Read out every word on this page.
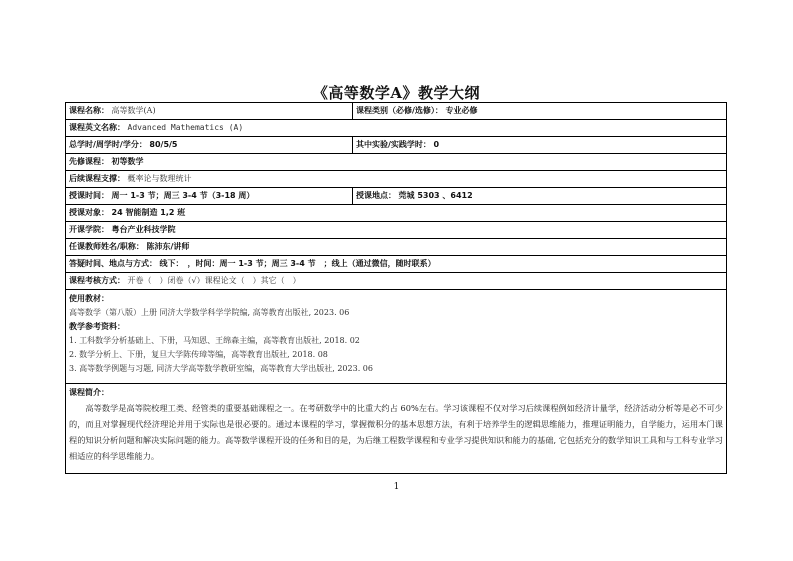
《高等数学A》教学大纲
课程名称： 高等数学(A)	课程类别（必修/选修）： 专业必修
课程英文名称： Advanced Mathematics (A)
总学时/周学时/学分： 80/5/5	其中实验/实践学时： 0
先修课程： 初等数学
后续课程支撑： 概率论与数理统计
授课时间： 周一 1-3 节；周三 3-4 节（3-18 周）	授课地点： 莞城 5303 、6412
授课对象： 24 智能制造 1,2 班
开课学院： 粤台产业科技学院
任课教师姓名/职称： 陈沛东/讲师
答疑时间、地点与方式： 线下：　，时间：周一 1-3 节；周三 3-4 节　；线上（通过微信，随时联系）
课程考核方式： 开卷（　）闭卷（√）课程论文（　）其它（　）
使用教材：
高等数学（第八版）上册 同济大学数学科学学院编, 高等教育出版社, 2023. 06
教学参考资料：
1. 工科数学分析基础上、下册，马知恩、王绵森主编，高等教育出版社, 2018. 02
2. 数学分析上、下册，复旦大学陈传璋等编，高等教育出版社, 2018. 08
3. 高等数学例题与习题, 同济大学高等数学教研室编，高等教育大学出版社, 2023. 06
课程简介：

高等数学是高等院校理工类、经管类的重要基础课程之一。在考研数学中的比重大约占 60%左右。学习该课程不仅对学习后续课程例如经济计量学，经济活动分析等是必不可少的，而且对掌握现代经济理论并用于实际也是很必要的。通过本课程的学习，掌握微积分的基本思想方法，有利于培养学生的逻辑思维能力，推理证明能力，自学能力，运用本门课程的知识分析问题和解决实际问题的能力。高等数学课程开设的任务和目的是，为后继工程数学课程和专业学习提供知识和能力的基础, 它包括充分的数学知识工具和与工科专业学习相适应的科学思维能力。

1
